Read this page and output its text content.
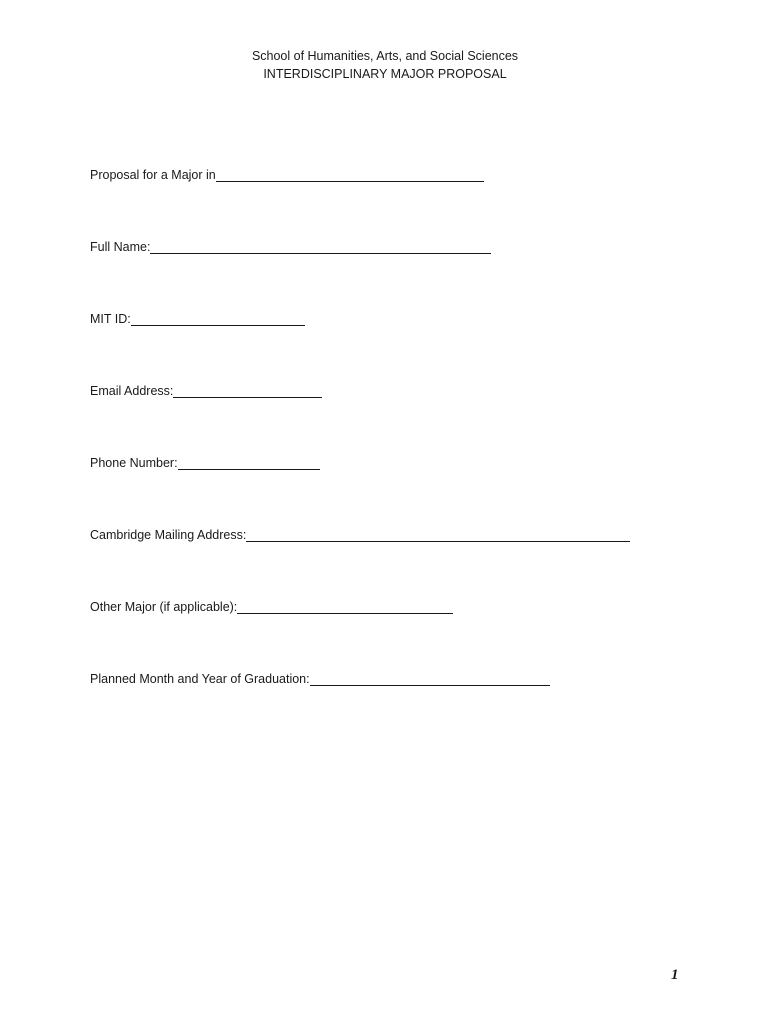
School of Humanities, Arts, and Social Sciences
INTERDISCIPLINARY MAJOR PROPOSAL
Proposal for a Major in
Full Name:
MIT ID:
Email Address:
Phone Number:
Cambridge Mailing Address:
Other Major (if applicable):
Planned Month and Year of Graduation:
1
